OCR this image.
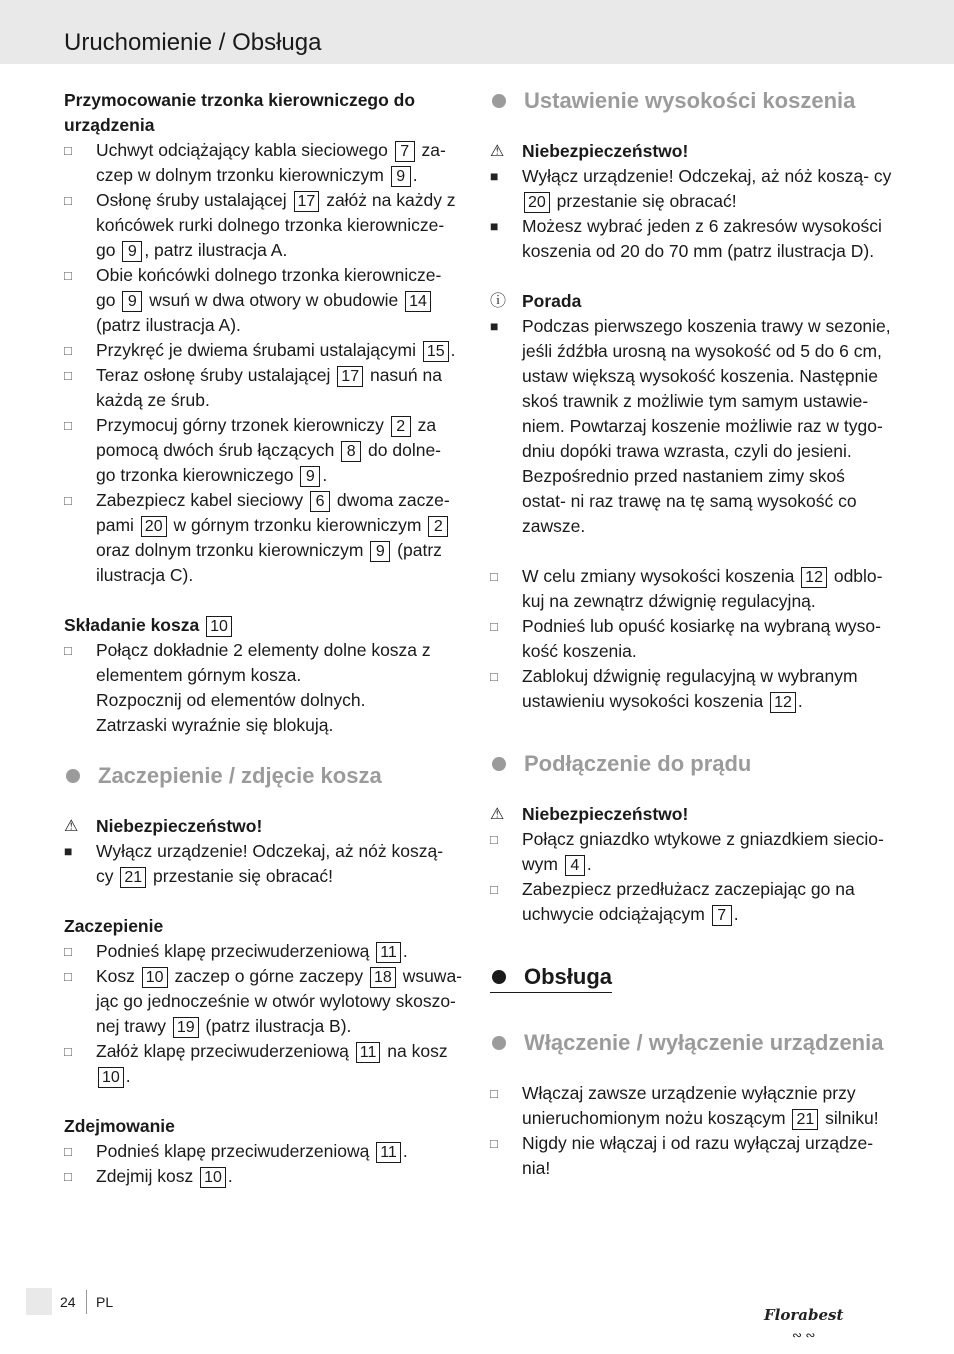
Uruchomienie / Obsługa

Przymocowanie trzonka kierowniczego do urządzenia

□	Uchwyt odciążający kabla sieciowego 7 za- czep w dolnym trzonku kierowniczym 9 .
□	Osłonę śruby ustalającej 17 załóż na każdy z końcówek rurki dolnego trzonka kierownicze- go 9 , patrz ilustracja A.
□	Obie końcówki dolnego trzonka kierownicze- go 9 wsuń w dwa otwory w obudowie 14 (patrz ilustracja A).
□	Przykręć je dwiema śrubami ustalającymi 15 .
□	Teraz osłonę śruby ustalającej 17 nasuń na każdą ze śrub.
□	Przymocuj górny trzonek kierowniczy 2 za pomocą dwóch śrub łączących 8 do dolne- go trzonka kierowniczego 9 .
□	Zabezpiecz kabel sieciowy 6 dwoma zacze- pami 20 w górnym trzonku kierowniczym 2 oraz dolnym trzonku kierowniczym 9 (patrz ilustracja C).

Składanie kosza 10

□	Połącz dokładnie 2 elementy dolne kosza z elementem górnym kosza.
Rozpocznij od elementów dolnych.
Zatrzaski wyraźnie się blokują.
Zaczepienie / zdjęcie kosza
⚠	Niebezpieczeństwo!
■	Wyłącz urządzenie! Odczekaj, aż nóż koszą- cy 21 przestanie się obracać!

Zaczepienie

□	Podnieś klapę przeciwuderzeniową 11 .
□	Kosz 10 zaczep o górne zaczepy 18 wsuwa- jąc go jednocześnie w otwór wylotowy skoszo- nej trawy 19 (patrz ilustracja B).
□	Załóż klapę przeciwuderzeniową 11 na kosz 10 .

Zdejmowanie

□	Podnieś klapę przeciwuderzeniową 11 .
□	Zdejmij kosz 10 .
Ustawienie wysokości koszenia
⚠	Niebezpieczeństwo!
■	Wyłącz urządzenie! Odczekaj, aż nóż koszą- cy 20 przestanie się obracać!
■	Możesz wybrać jeden z 6 zakresów wysokości koszenia od 20 do 70 mm (patrz ilustracja D).
ⓘ Porada
■	Podczas pierwszego koszenia trawy w sezonie, jeśli źdźbła urosną na wysokość od 5 do 6 cm, ustaw większą wysokość koszenia. Następnie skoś trawnik z możliwie tym samym ustawie- niem. Powtarzaj koszenie możliwie raz w tygo- dniu dopóki trawa wzrasta, czyli do jesieni. Bezpośrednio przed nastaniem zimy skoś ostat- ni raz trawę na tę samą wysokość co zawsze.
□	W celu zmiany wysokości koszenia 12 odblo- kuj na zewnątrz dźwignię regulacyjną.
□	Podnieś lub opuść kosiarkę na wybraną wyso- kość koszenia.
□	Zablokuj dźwignię regulacyjną w wybranym ustawieniu wysokości koszenia 12 .
Podłączenie do prądu
⚠	Niebezpieczeństwo!
□	Połącz gniazdko wtykowe z gniazdkiem siecio- wym 4 .
□	Zabezpiecz przedłużacz zaczepiając go na uchwycie odciążającym 7 .
Obsługa
Włączenie / wyłączenie urządzenia
□	Włączaj zawsze urządzenie wyłącznie przy unieruchomionym nożu koszącym 21 silniku!
□	Nigdy nie włączaj i od razu wyłączaj urządze- nia!
24 PL
Florabest
∾ ∾
